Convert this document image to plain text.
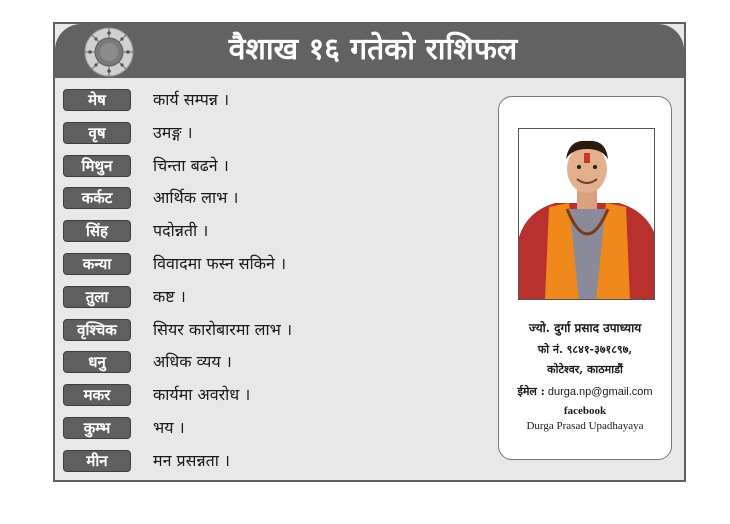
वैशाख १६ गतेको राशिफल
मेष	कार्य सम्पन्न ।
वृष	उमङ्ग ।
मिथुन	चिन्ता बढने ।
कर्कट	आर्थिक लाभ ।
सिंह	पदोन्नती ।
कन्या	विवादमा फस्न सकिने ।
तुला	कष्ट ।
वृश्चिक	सियर कारोबारमा लाभ ।
धनु	अधिक व्यय ।
मकर	कार्यमा अवरोध ।
कुम्भ	भय ।
मीन	मन प्रसन्नता ।
ज्यो. दुर्गा प्रसाद उपाध्याय
फो नं. ९८४१-३७१८९७,
कोटेश्वर, काठमाडौं
ईमेल : durga.np@gmail.com
facebook
Durga Prasad Upadhayaya
